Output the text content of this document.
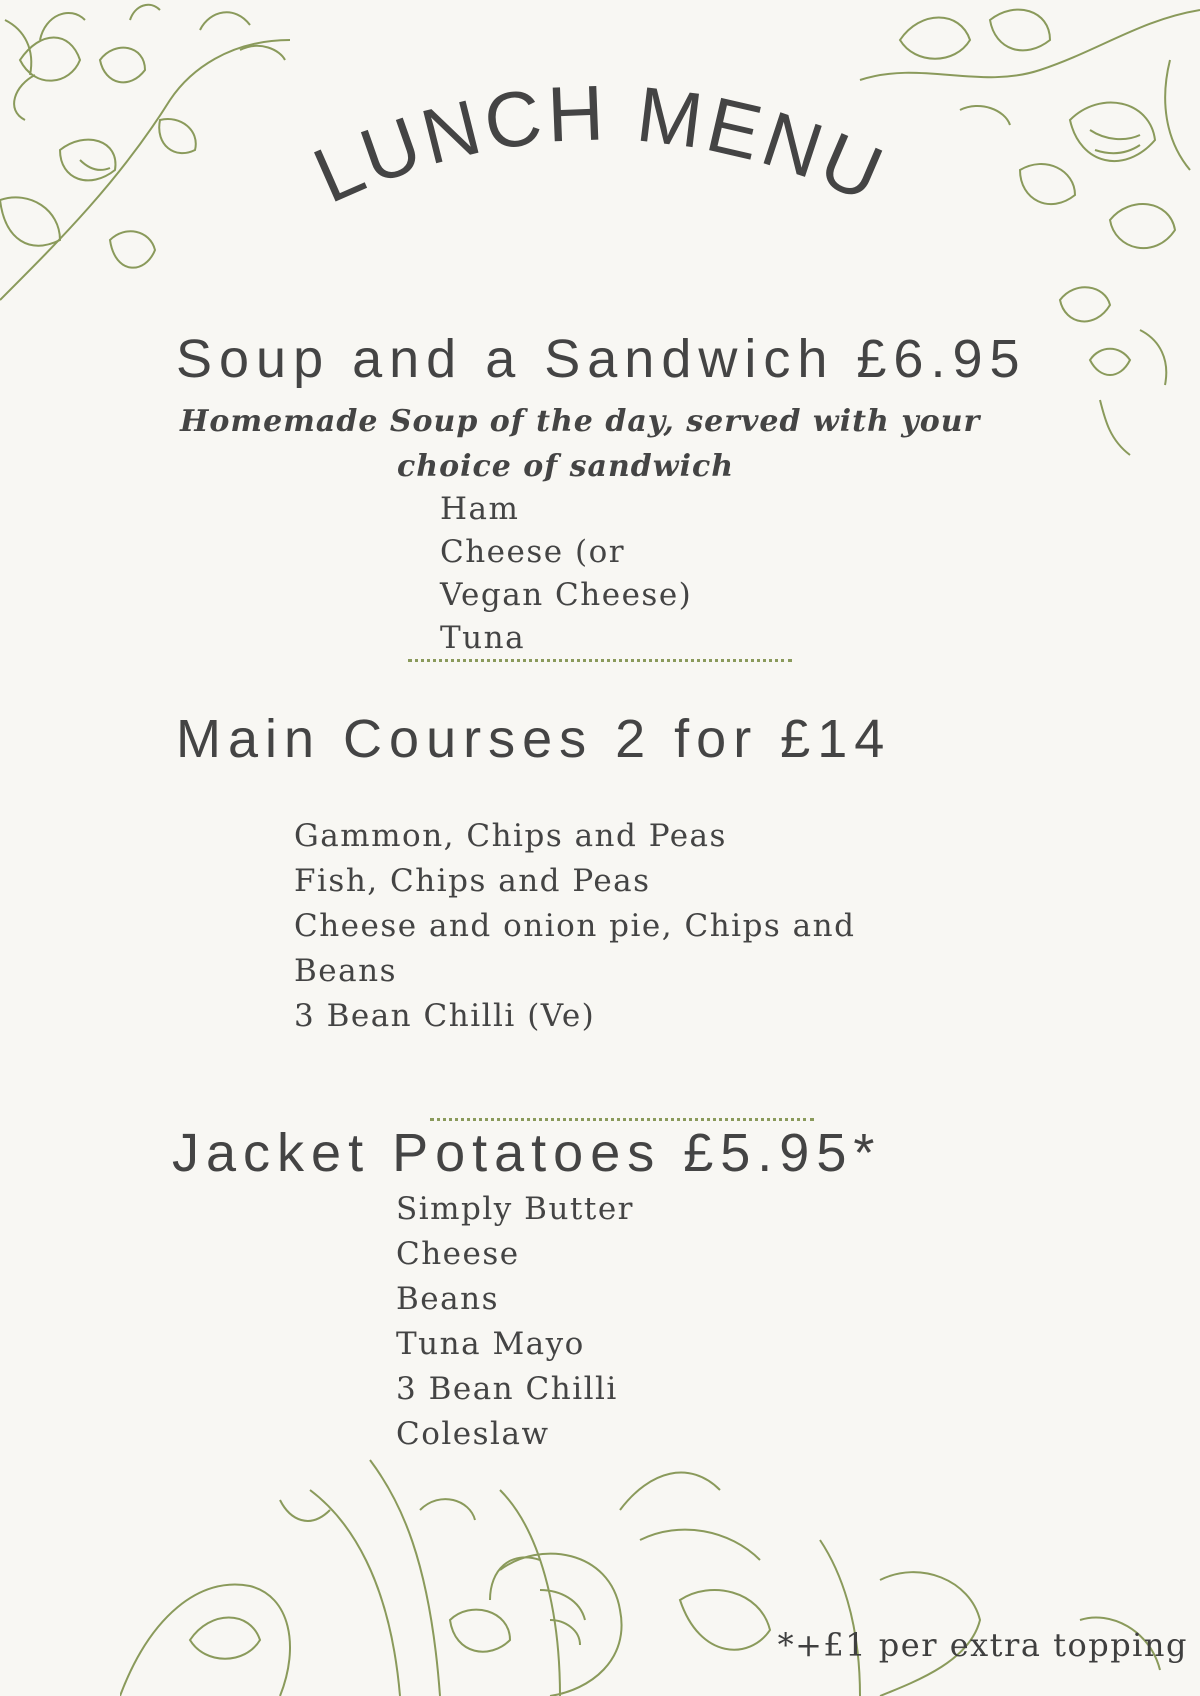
LUNCH MENU
Soup and a Sandwich £6.95
Homemade Soup of the day, served with your
choice of sandwich
Ham
Cheese (or
Vegan Cheese)
Tuna
Main Courses 2 for £14
Gammon, Chips and Peas
Fish, Chips and Peas
Cheese and onion pie, Chips and
Beans
3 Bean Chilli (Ve)
Jacket Potatoes £5.95*
Simply Butter
Cheese
Beans
Tuna Mayo
3 Bean Chilli
Coleslaw
*+£1 per extra topping
